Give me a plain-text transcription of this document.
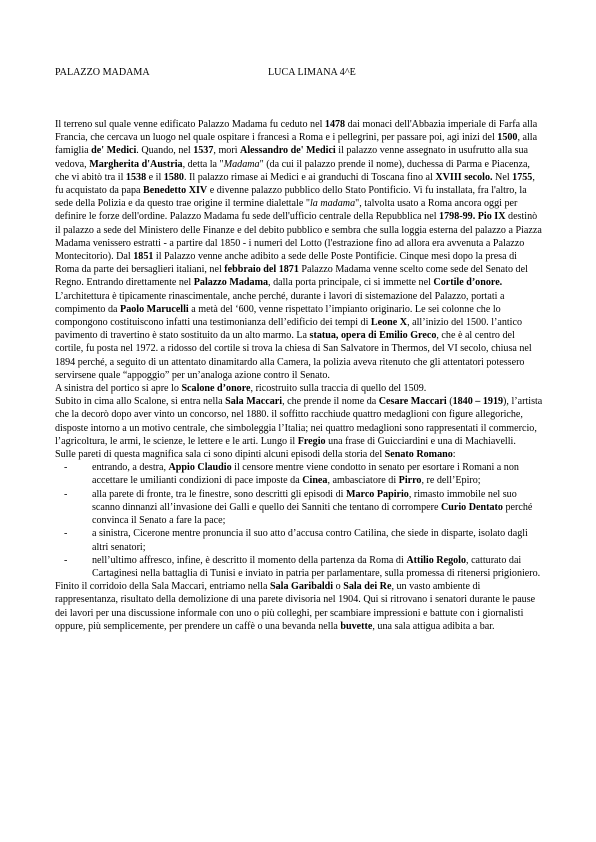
PALAZZO MADAMA	LUCA LIMANA 4^E

Il terreno sul quale venne edificato Palazzo Madama fu ceduto nel 1478 dai monaci dell'Abbazia imperiale di Farfa alla Francia, che cercava un luogo nel quale ospitare i francesi a Roma e i pellegrini, per passare poi, agi inizi del 1500, alla famiglia de' Medici. Quando, nel 1537, morì Alessandro de' Medici il palazzo venne assegnato in usufrutto alla sua vedova, Margherita d'Austria, detta la "Madama" (da cui il palazzo prende il nome), duchessa di Parma e Piacenza, che vi abitò tra il 1538 e il 1580. Il palazzo rimase ai Medici e ai granduchi di Toscana fino al XVIII secolo. Nel 1755, fu acquistato da papa Benedetto XIV e divenne palazzo pubblico dello Stato Pontificio. Vi fu installata, fra l'altro, la sede della Polizia e da questo trae origine il termine dialettale "la madama", talvolta usato a Roma ancora oggi per definire le forze dell'ordine. Palazzo Madama fu sede dell'ufficio centrale della Repubblica nel 1798-99. Pio IX destinò il palazzo a sede del Ministero delle Finanze e del debito pubblico e sembra che sulla loggia esterna del palazzo a Piazza Madama venissero estratti - a partire dal 1850 - i numeri del Lotto (l'estrazione fino ad allora era avvenuta a Palazzo Montecitorio). Dal 1851 il Palazzo venne anche adibito a sede delle Poste Pontificie. Cinque mesi dopo la presa di Roma da parte dei bersaglieri italiani, nel febbraio del 1871 Palazzo Madama venne scelto come sede del Senato del Regno. Entrando direttamente nel Palazzo Madama, dalla porta principale, ci si immette nel Cortile d’onore. L’architettura è tipicamente rinascimentale, anche perché, durante i lavori di sistemazione del Palazzo, portati a compimento da Paolo Marucelli a metà del ‘600, venne rispettato l’impianto originario. Le sei colonne che lo compongono costituiscono infatti una testimonianza dell’edificio dei tempi di Leone X, all’inizio del 1500. l’antico pavimento di travertino è stato sostituito da un alto marmo. La statua, opera di Emilio Greco, che è al centro del cortile, fu posta nel 1972. a ridosso del cortile si trova la chiesa di San Salvatore in Thermos, del VI secolo, chiusa nel 1894 perché, a seguito di un attentato dinamitardo alla Camera, la polizia aveva ritenuto che gli attentatori potessero servirsene quale “appoggio” per un’analoga azione contro il Senato.

A sinistra del portico si apre lo Scalone d’onore, ricostruito sulla traccia di quello del 1509.

Subito in cima allo Scalone, si entra nella Sala Maccari, che prende il nome da Cesare Maccari (1840 – 1919), l’artista che la decorò dopo aver vinto un concorso, nel 1880. il soffitto racchiude quattro medaglioni con figure allegoriche, disposte intorno a un motivo centrale, che simboleggia l’Italia; nei quattro medaglioni sono rappresentati il commercio, l’agricoltura, le armi, le scienze, le lettere e le arti. Lungo il Fregio una frase di Guicciardini e una di Machiavelli.

Sulle pareti di questa magnifica sala ci sono dipinti alcuni episodi della storia del Senato Romano:

- entrando, a destra, Appio Claudio il censore mentre viene condotto in senato per esortare i Romani a non accettare le umilianti condizioni di pace imposte da Cinea, ambasciatore di Pirro, re dell’Epiro;
- alla parete di fronte, tra le finestre, sono descritti gli episodi di Marco Papirio, rimasto immobile nel suo scanno dinnanzi all’invasione dei Galli e quello dei Sanniti che tentano di corrompere Curio Dentato perché convinca il Senato a fare la pace;
- a sinistra, Cicerone mentre pronuncia il suo atto d’accusa contro Catilina, che siede in disparte, isolato dagli altri senatori;
- nell’ultimo affresco, infine, è descritto il momento della partenza da Roma di Attilio Regolo, catturato dai Cartaginesi nella battaglia di Tunisi e inviato in patria per parlamentare, sulla promessa di ritenersi prigioniero.

Finito il corridoio della Sala Maccari, entriamo nella Sala Garibaldi o Sala dei Re, un vasto ambiente di rappresentanza, risultato della demolizione di una parete divisoria nel 1904. Qui si ritrovano i senatori durante le pause dei lavori per una discussione informale con uno o più colleghi, per scambiare impressioni e battute con i giornalisti oppure, più semplicemente, per prendere un caffè o una bevanda nella buvette, una sala attigua adibita a bar.
